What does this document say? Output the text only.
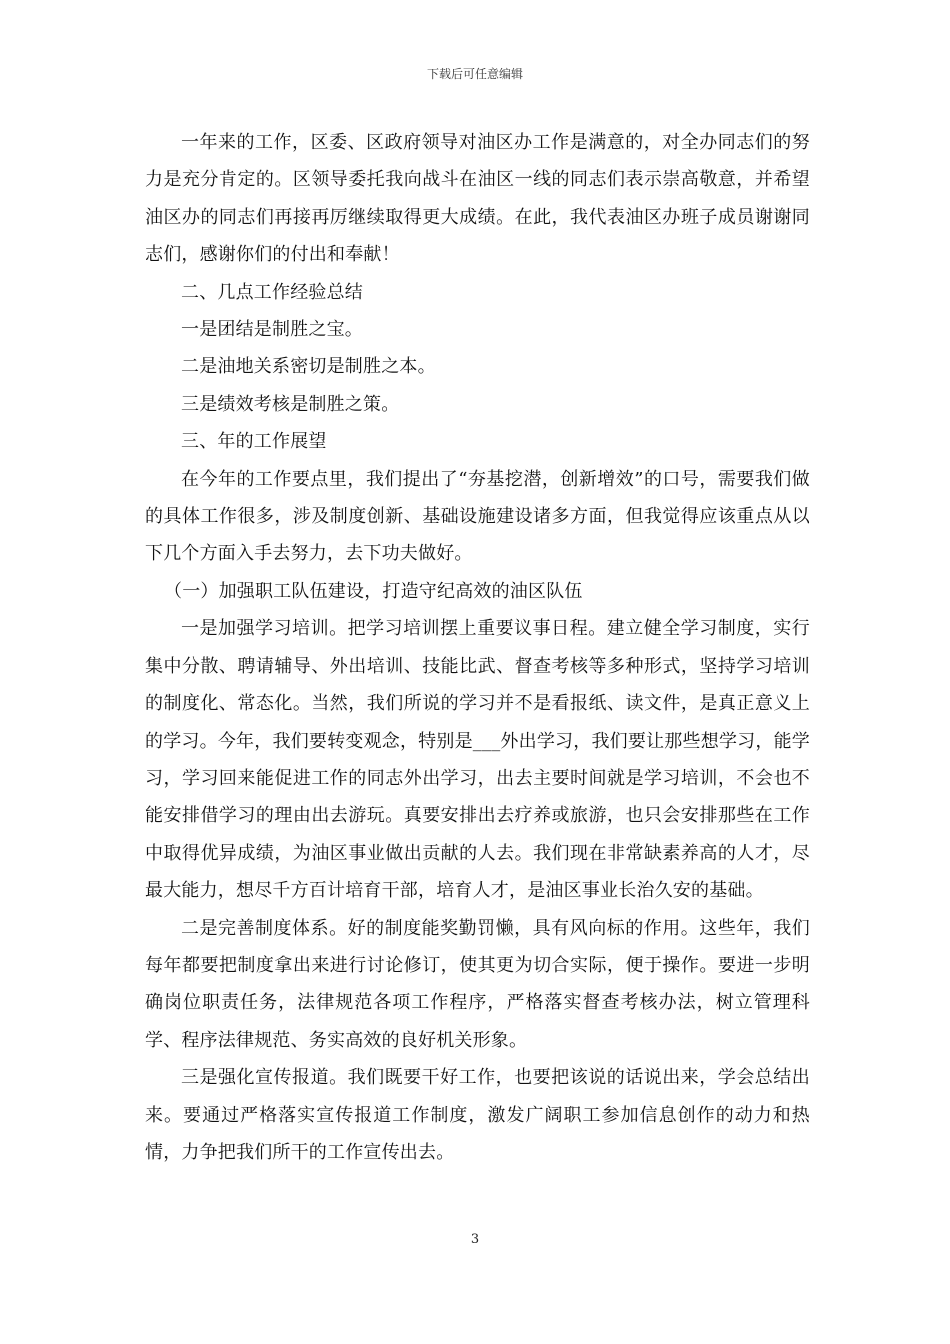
下载后可任意编辑

一年来的工作，区委、区政府领导对油区办工作是满意的，对全办同志们的努力是充分肯定的。区领导委托我向战斗在油区一线的同志们表示崇高敬意，并希望油区办的同志们再接再厉继续取得更大成绩。在此，我代表油区办班子成员谢谢同志们，感谢你们的付出和奉献！

二、几点工作经验总结

一是团结是制胜之宝。

二是油地关系密切是制胜之本。

三是绩效考核是制胜之策。

三、年的工作展望

在今年的工作要点里，我们提出了“夯基挖潜，创新增效”的口号，需要我们做的具体工作很多，涉及制度创新、基础设施建设诸多方面，但我觉得应该重点从以下几个方面入手去努力，去下功夫做好。

（一）加强职工队伍建设，打造守纪高效的油区队伍

一是加强学习培训。把学习培训摆上重要议事日程。建立健全学习制度，实行集中分散、聘请辅导、外出培训、技能比武、督查考核等多种形式，坚持学习培训的制度化、常态化。当然，我们所说的学习并不是看报纸、读文件，是真正意义上的学习。今年，我们要转变观念，特别是___外出学习，我们要让那些想学习，能学习，学习回来能促进工作的同志外出学习，出去主要时间就是学习培训，不会也不能安排借学习的理由出去游玩。真要安排出去疗养或旅游，也只会安排那些在工作中取得优异成绩，为油区事业做出贡献的人去。我们现在非常缺素养高的人才，尽最大能力，想尽千方百计培育干部，培育人才，是油区事业长治久安的基础。

二是完善制度体系。好的制度能奖勤罚懒，具有风向标的作用。这些年，我们每年都要把制度拿出来进行讨论修订，使其更为切合实际，便于操作。要进一步明确岗位职责任务，法律规范各项工作程序，严格落实督查考核办法，树立管理科学、程序法律规范、务实高效的良好机关形象。

三是强化宣传报道。我们既要干好工作，也要把该说的话说出来，学会总结出来。要通过严格落实宣传报道工作制度，激发广阔职工参加信息创作的动力和热情，力争把我们所干的工作宣传出去。

3
